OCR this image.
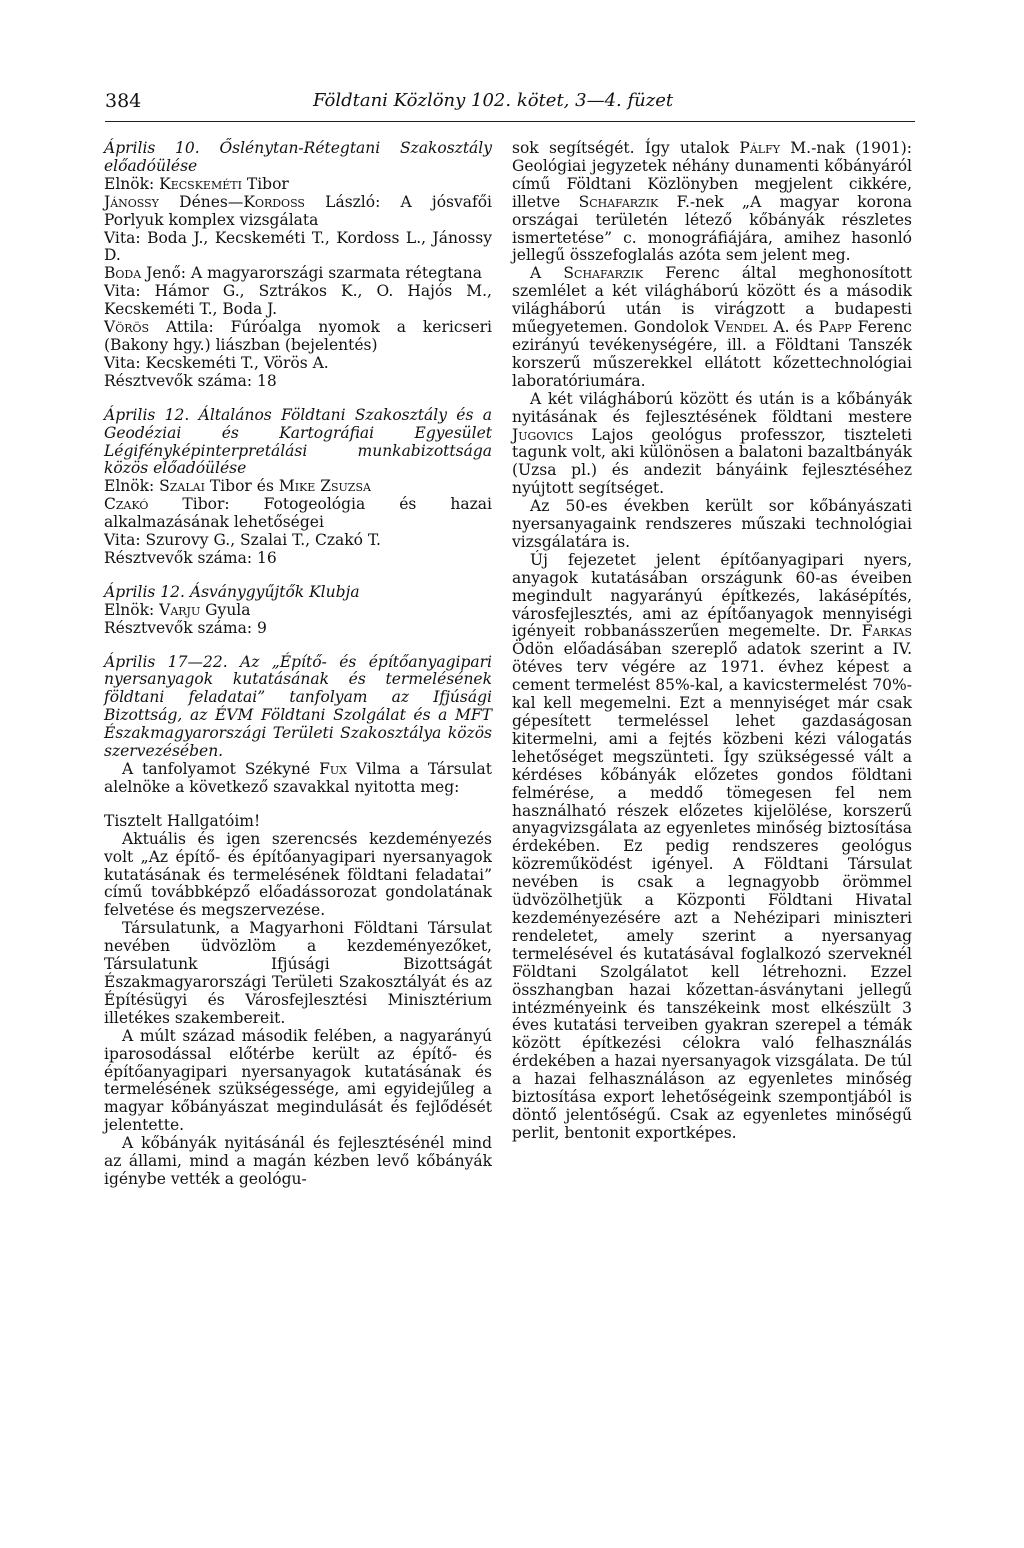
384	Földtani Közlöny 102. kötet, 3—4. füzet

Április 10. Őslénytan-Rétegtani Szakosztály előadóülése

Elnök: Kecskeméti Tibor

Jánossy Dénes—Kordoss László: A jósvafői Porlyuk komplex vizsgálata

Vita: Boda J., Kecskeméti T., Kordoss L., Jánossy D.

Boda Jenő: A magyarországi szarmata rétegtana

Vita: Hámor G., Sztrákos K., O. Hajós M., Kecskeméti T., Boda J.

Vörös Attila: Fúróalga nyomok a kericseri (Bakony hgy.) liászban (bejelentés)

Vita: Kecskeméti T., Vörös A.

Résztvevők száma: 18

Április 12. Általános Földtani Szakosztály és a Geodéziai és Kartográfiai Egyesület Légifényképinterpretálási munkabizottsága közös előadóülése

Elnök: Szalai Tibor és Mike Zsuzsa

Czakó Tibor: Fotogeológia és hazai alkalmazásának lehetőségei

Vita: Szurovy G., Szalai T., Czakó T.

Résztvevők száma: 16

Április 12. Ásványgyűjtők Klubja

Elnök: Varju Gyula

Résztvevők száma: 9

Április 17—22. Az „Építő- és építőanyagipari nyersanyagok kutatásának és termelésének földtani feladatai” tanfolyam az Ifjúsági Bizottság, az ÉVM Földtani Szolgálat és a MFT Északmagyarországi Területi Szakosztálya közös szervezésében.

A tanfolyamot Székyné Fux Vilma a Társulat alelnöke a következő szavakkal nyitotta meg:

Tisztelt Hallgatóim!

Aktuális és igen szerencsés kezdeményezés volt „Az építő- és építőanyagipari nyersanyagok kutatásának és termelésének földtani feladatai” című továbbképző előadássorozat gondolatának felvetése és megszervezése.

Társulatunk, a Magyarhoni Földtani Társulat nevében üdvözlöm a kezdeményezőket, Társulatunk Ifjúsági Bizottságát Északmagyarországi Területi Szakosztályát és az Építésügyi és Városfejlesztési Minisztérium illetékes szakembereit.

A múlt század második felében, a nagyarányú iparosodással előtérbe került az építő- és építőanyagipari nyersanyagok kutatásának és termelésének szükségessége, ami egyidejűleg a magyar kőbányászat megindulását és fejlődését jelentette.

A kőbányák nyitásánál és fejlesztésénél mind az állami, mind a magán kézben levő kőbányák igénybe vették a geológu-

sok segítségét. Így utalok Pálfy M.-nak (1901): Geológiai jegyzetek néhány dunamenti kőbányáról című Földtani Közlönyben megjelent cikkére, illetve Schafarzik F.-nek „A magyar korona országai területén létező kőbányák részletes ismertetése” c. monográfiájára, amihez hasonló jellegű összefoglalás azóta sem jelent meg.

A Schafarzik Ferenc által meghonosított szemlélet a két világháború között és a második világháború után is virágzott a budapesti műegyetemen. Gondolok Vendel A. és Papp Ferenc ezirányú tevékenységére, ill. a Földtani Tanszék korszerű műszerekkel ellátott kőzettechnológiai laboratóriumára.

A két világháború között és után is a kőbányák nyitásának és fejlesztésének földtani mestere Jugovics Lajos geológus professzor, tiszteleti tagunk volt, aki különösen a balatoni bazaltbányák (Uzsa pl.) és andezit bányáink fejlesztéséhez nyújtott segítséget.

Az 50-es években került sor kőbányászati nyersanyagaink rendszeres műszaki technológiai vizsgálatára is.

Új fejezetet jelent építőanyagipari nyers, anyagok kutatásában országunk 60-as éveiben megindult nagyarányú építkezés, lakásépítés, városfejlesztés, ami az építőanyagok mennyiségi igényeit robbanásszerűen megemelte. Dr. Farkas Ödön előadásában szereplő adatok szerint a IV. ötéves terv végére az 1971. évhez képest a cement termelést 85%-kal, a kavicstermelést 70%-kal kell megemelni. Ezt a mennyiséget már csak gépesített termeléssel lehet gazdaságosan kitermelni, ami a fejtés közbeni kézi válogatás lehetőséget megszünteti. Így szükségessé vált a kérdéses kőbányák előzetes gondos földtani felmérése, a meddő tömegesen fel nem használható részek előzetes kijelölése, korszerű anyagvizsgálata az egyenletes minőség biztosítása érdekében. Ez pedig rendszeres geológus közreműködést igényel. A Földtani Társulat nevében is csak a legnagyobb örömmel üdvözölhetjük a Központi Földtani Hivatal kezdeményezésére azt a Nehézipari miniszteri rendeletet, amely szerint a nyersanyag termelésével és kutatásával foglalkozó szerveknél Földtani Szolgálatot kell létrehozni. Ezzel összhangban hazai kőzettan-ásványtani jellegű intézményeink és tanszékeink most elkészült 3 éves kutatási terveiben gyakran szerepel a témák között építkezési célokra való felhasználás érdekében a hazai nyersanyagok vizsgálata. De túl a hazai felhasználáson az egyenletes minőség biztosítása export lehetőségeink szempontjából is döntő jelentőségű. Csak az egyenletes minőségű perlit, bentonit exportképes.
